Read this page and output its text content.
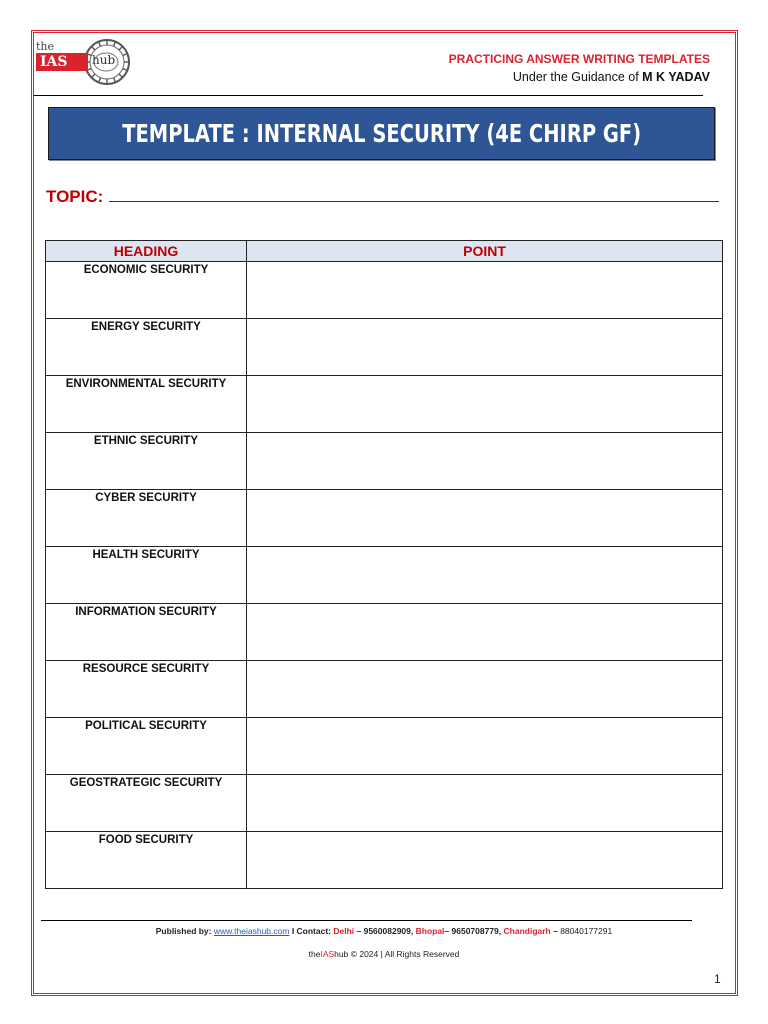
the
IAS	hub	PRACTICING ANSWER WRITING TEMPLATES
Under the Guidance of M K YADAV
TEMPLATE : INTERNAL SECURITY (4E CHIRP GF)
TOPIC:
HEADING	POINT
ECONOMIC SECURITY	
ENERGY SECURITY	
ENVIRONMENTAL SECURITY	
ETHNIC SECURITY	
CYBER SECURITY	
HEALTH SECURITY	
INFORMATION SECURITY	
RESOURCE SECURITY	
POLITICAL SECURITY	
GEOSTRATEGIC SECURITY	
FOOD SECURITY	
Published by: www.theiashub.com I Contact: Delhi – 9560082909, Bhopal– 9650708779, Chandigarh – 88040177291
theIAShub © 2024 | All Rights Reserved
1
